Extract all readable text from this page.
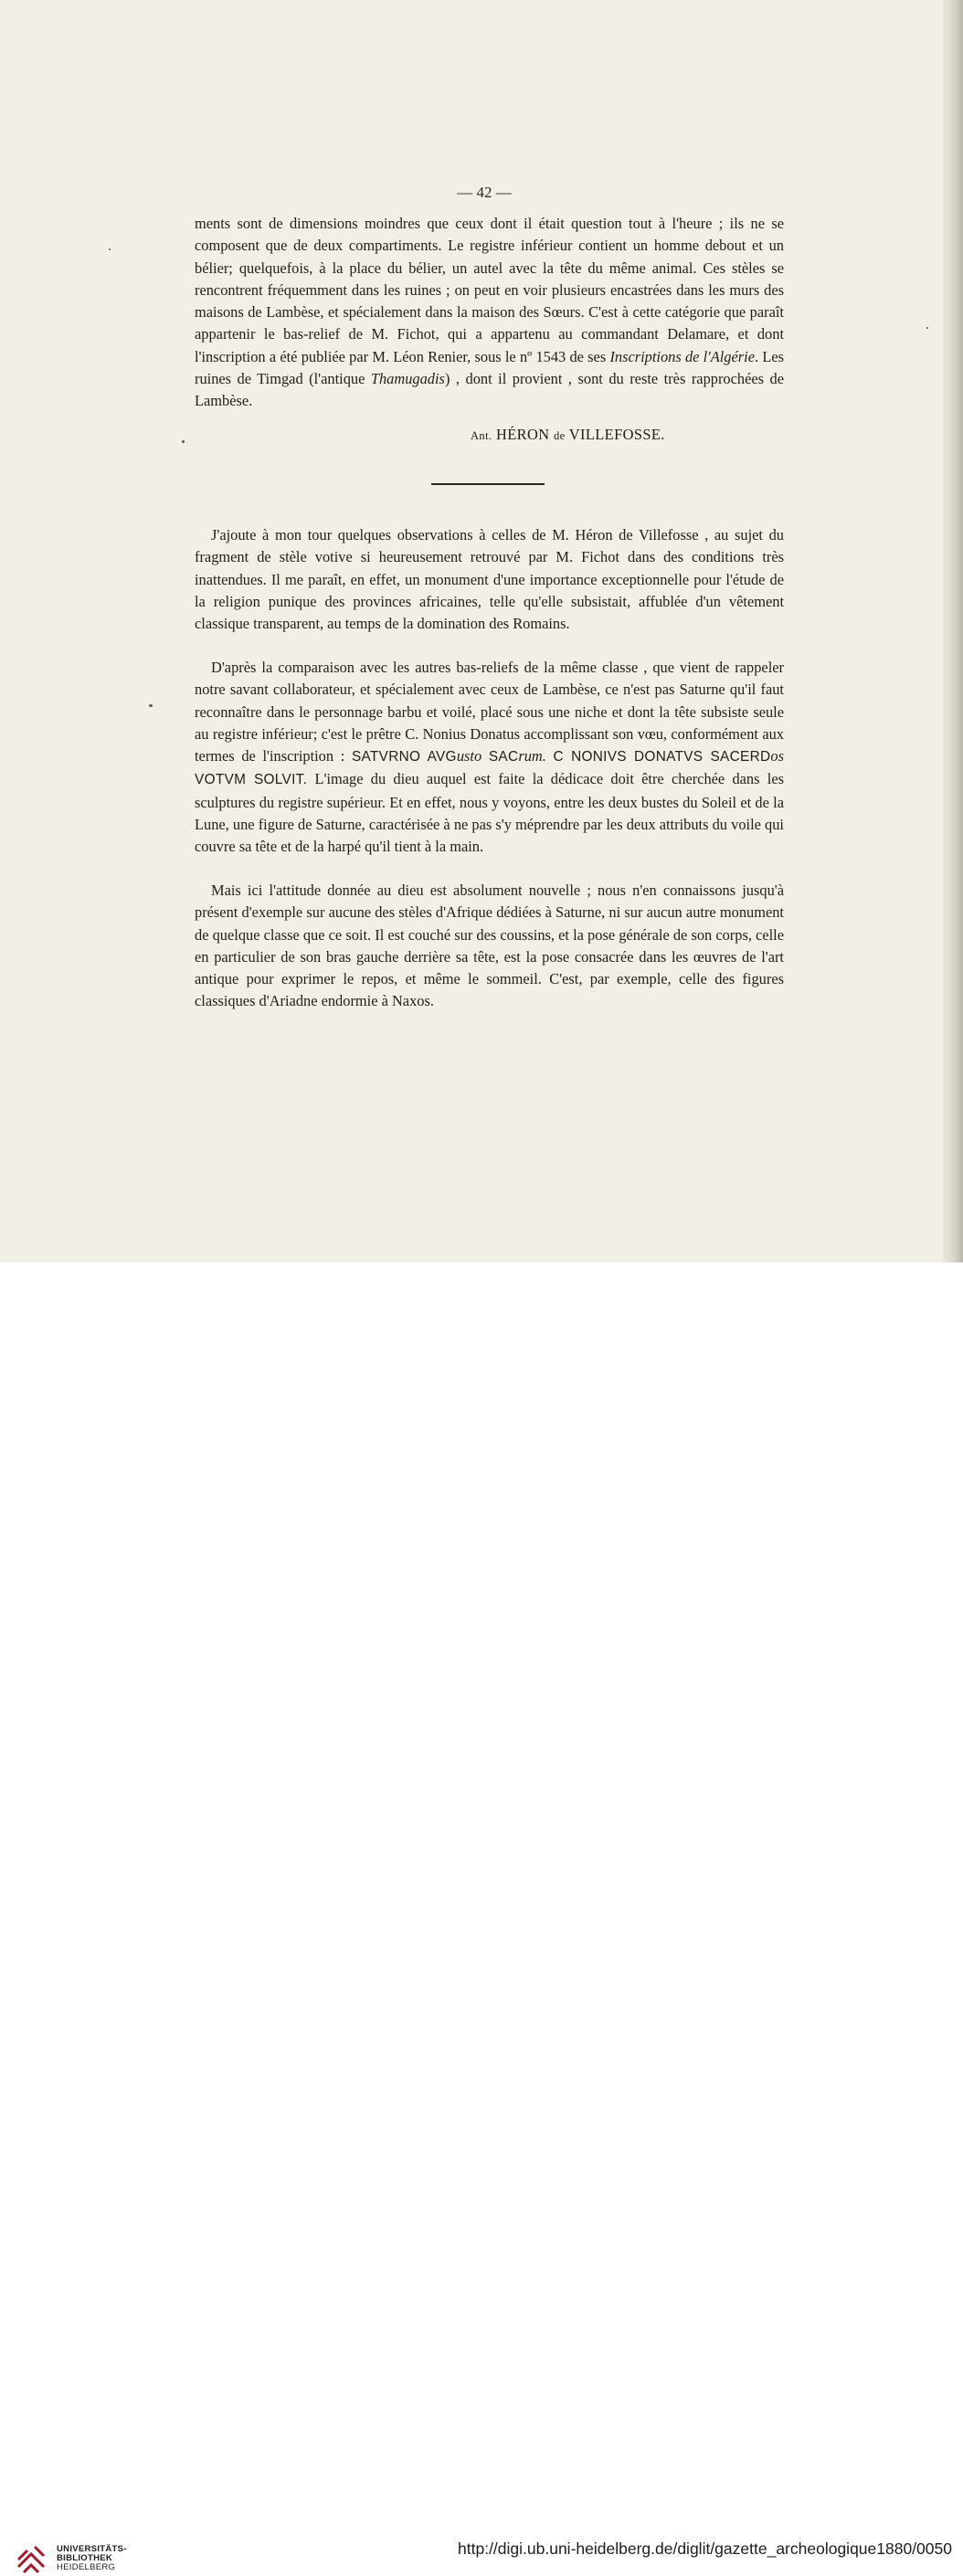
— 42 —
ments sont de dimensions moindres que ceux dont il était question tout à l'heure ; ils ne se composent que de deux compartiments. Le registre inférieur contient un homme debout et un bélier; quelquefois, à la place du bélier, un autel avec la tête du même animal. Ces stèles se rencontrent fréquemment dans les ruines ; on peut en voir plusieurs encastrées dans les murs des maisons de Lambèse, et spécialement dans la maison des Sœurs. C'est à cette catégorie que paraît appartenir le bas-relief de M. Fichot, qui a appartenu au commandant Delamare, et dont l'inscription a été publiée par M. Léon Renier, sous le nº 1543 de ses Inscriptions de l'Algérie. Les ruines de Timgad (l'antique Thamugadis) , dont il provient , sont du reste très rapprochées de Lambèse.
Ant. HÉRON de VILLEFOSSE.
J'ajoute à mon tour quelques observations à celles de M. Héron de Villefosse , au sujet du fragment de stèle votive si heureusement retrouvé par M. Fichot dans des conditions très inattendues. Il me paraît, en effet, un monument d'une importance exceptionnelle pour l'étude de la religion punique des provinces africaines, telle qu'elle subsistait, affublée d'un vêtement classique transparent, au temps de la domination des Romains.
D'après la comparaison avec les autres bas-reliefs de la même classe , que vient de rappeler notre savant collaborateur, et spécialement avec ceux de Lambèse, ce n'est pas Saturne qu'il faut reconnaître dans le personnage barbu et voilé, placé sous une niche et dont la tête subsiste seule au registre inférieur; c'est le prêtre C. Nonius Donatus accomplissant son vœu, conformément aux termes de l'inscription : SATVRNO AVGusto SACrum. C NONIVS DONATVS SACERDos VOTVM SOLVIT. L'image du dieu auquel est faite la dédicace doit être cherchée dans les sculptures du registre supérieur. Et en effet, nous y voyons, entre les deux bustes du Soleil et de la Lune, une figure de Saturne, caractérisée à ne pas s'y méprendre par les deux attributs du voile qui couvre sa tête et de la harpé qu'il tient à la main.
Mais ici l'attitude donnée au dieu est absolument nouvelle ; nous n'en connaissons jusqu'à présent d'exemple sur aucune des stèles d'Afrique dédiées à Saturne, ni sur aucun autre monument de quelque classe que ce soit. Il est couché sur des coussins, et la pose générale de son corps, celle en particulier de son bras gauche derrière sa tête, est la pose consacrée dans les œuvres de l'art antique pour exprimer le repos, et même le sommeil. C'est, par exemple, celle des figures classiques d'Ariadne endormie à Naxos.
UNIVERSITÄTS-
BIBLIOTHEK
HEIDELBERG
http://digi.ub.uni-heidelberg.de/diglit/gazette_archeologique1880/0050
